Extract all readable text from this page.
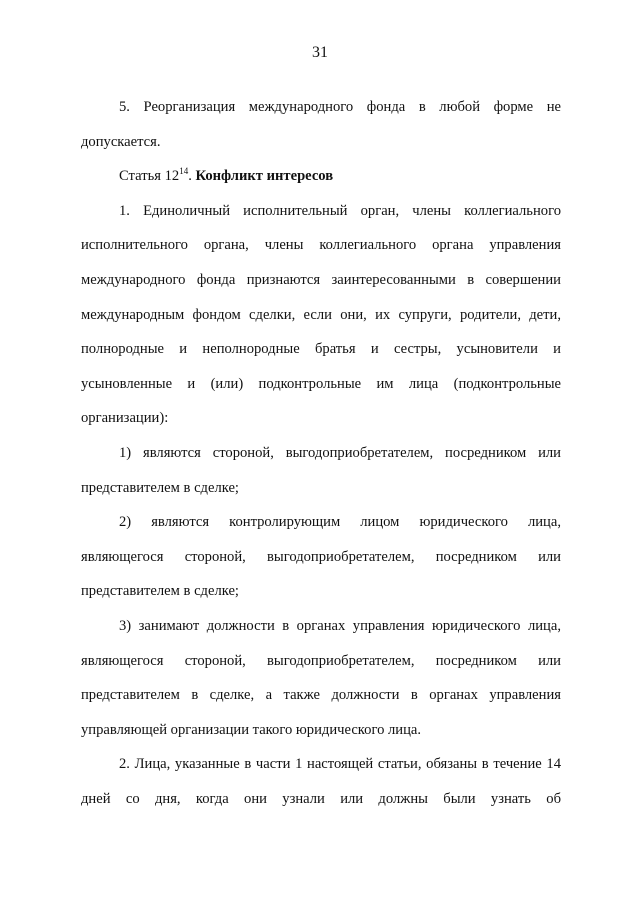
31

5. Реорганизация международного фонда в любой форме не допускается.

Статья $12^{14}$. Конфликт интересов

1. Единоличный исполнительный орган, члены коллегиального исполнительного органа, члены коллегиального органа управления международного фонда признаются заинтересованными в совершении международным фондом сделки, если они, их супруги, родители, дети, полнородные и неполнородные братья и сестры, усыновители и усыновленные и (или) подконтрольные им лица (подконтрольные организации):

1) являются стороной, выгодоприобретателем, посредником или представителем в сделке;

2) являются контролирующим лицом юридического лица, являющегося стороной, выгодоприобретателем, посредником или представителем в сделке;

3) занимают должности в органах управления юридического лица, являющегося стороной, выгодоприобретателем, посредником или представителем в сделке, а также должности в органах управления управляющей организации такого юридического лица.

2. Лица, указанные в части 1 настоящей статьи, обязаны в течение 14 дней со дня, когда они узнали или должны были узнать об
